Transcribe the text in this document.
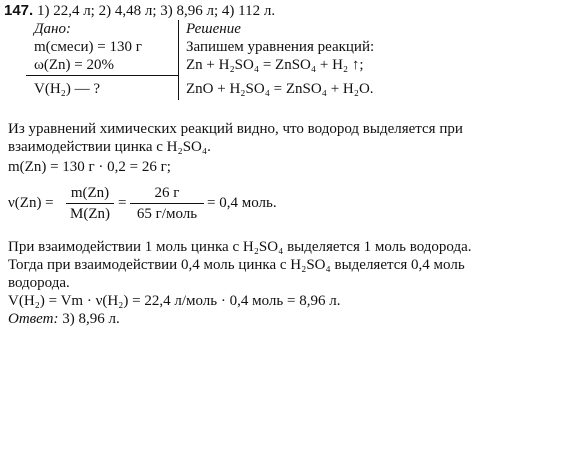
147. 1) 22,4 л; 2) 4,48 л; 3) 8,96 л; 4) 112 л.
Дано:
m(смеси) = 130 г
ω(Zn) = 20%
V(H₂) — ?
Решение
Запишем уравнения реакций:
Zn + H₂SO₄ = ZnSO₄ + H₂ ↑;
ZnO + H₂SO₄ = ZnSO₄ + H₂O.
Из уравнений химических реакций видно, что водород выделяется при
взаимодействии цинка с H₂SO₄.
m(Zn) = 130 г · 0,2 = 26 г;
ν(Zn) =
m(Zn)
M(Zn)
=
26 г
65 г/моль
= 0,4 моль.
При взаимодействии 1 моль цинка с H₂SO₄ выделяется 1 моль водорода.
Тогда при взаимодействии 0,4 моль цинка с H₂SO₄ выделяется 0,4 моль
водорода.
V(H₂) = Vm · ν(H₂) = 22,4 л/моль · 0,4 моль = 8,96 л.
Ответ: 3) 8,96 л.
